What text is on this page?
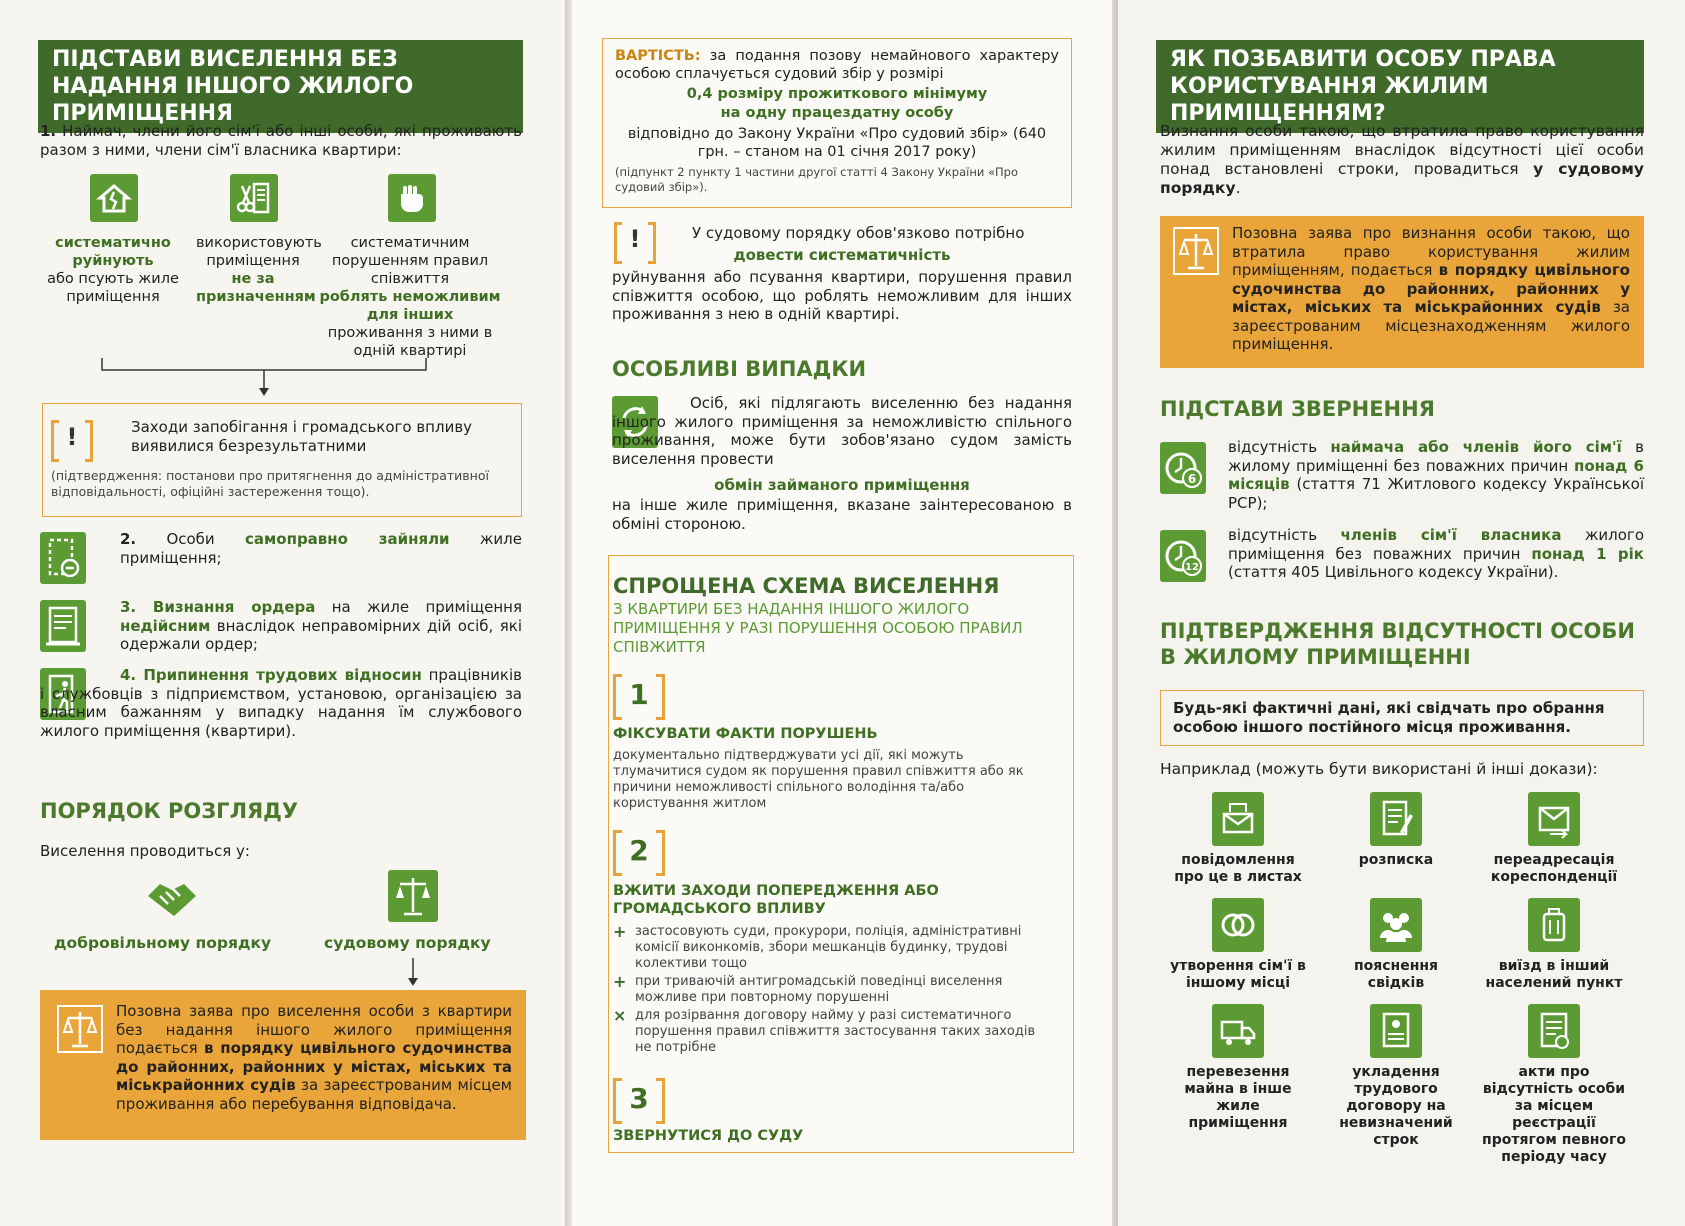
ПІДСТАВИ ВИСЕЛЕННЯ БЕЗ НАДАННЯ ІНШОГО ЖИЛОГО ПРИМІЩЕННЯ
1. Наймач, члени його сім'ї або інші особи, які проживають разом з ними, члени сім'ї власника квартири:
систематично руйнують
або псують жиле приміщення
використовують приміщення
не за призначенням
систематичним порушенням правил співжиття
роблять неможливим для інших
проживання з ними в одній квартирі
!	Заходи запобігання і громадського впливу виявилися безрезультатними
(підтвердження: постанови про притягнення до адміністративної відповідальності, офіційні застереження тощо).
2. Особи самоправно зайняли жиле приміщення;
3. Визнання ордера на жиле приміщення недійсним внаслідок неправомірних дій осіб, які одержали ордер;
4. Припинення трудових відносин працівників і службовців з підприємством, установою, організацією за власним бажанням у випадку надання їм службового жилого приміщення (квартири).
ПОРЯДОК РОЗГЛЯДУ
Виселення проводиться у:
добровільному порядку	судовому порядку
Позовна заява про виселення особи з квартири без надання іншого жилого приміщення подається в порядку цивільного судочинства до районних, районних у містах, міських та міськрайонних судів за зареєстрованим місцем проживання або перебування відповідача.
ВАРТІСТЬ: за подання позову немайнового характеру особою сплачується судовий збір у розмірі
0,4 розміру прожиткового мінімуму
на одну працездатну особу
відповідно до Закону України «Про судовий збір» (640 грн. – станом на 01 січня 2017 року)
(підпункт 2 пункту 1 частини другої статті 4 Закону України «Про судовий збір»).
!	У судовому порядку обов'язково потрібно
довести систематичність
руйнування або псування квартири, порушення правил співжиття особою, що роблять неможливим для інших проживання з нею в одній квартирі.
ОСОБЛИВІ ВИПАДКИ
Осіб, які підлягають виселенню без надання іншого жилого приміщення за неможливістю спільного проживання, може бути зобов'язано судом замість виселення провести
обмін займаного приміщення
на інше жиле приміщення, вказане заінтересованою в обміні стороною.
СПРОЩЕНА СХЕМА ВИСЕЛЕННЯ
З КВАРТИРИ БЕЗ НАДАННЯ ІНШОГО ЖИЛОГО ПРИМІЩЕННЯ У РАЗІ ПОРУШЕННЯ ОСОБОЮ ПРАВИЛ СПІВЖИТТЯ
1
ФІКСУВАТИ ФАКТИ ПОРУШЕНЬ
документально підтверджувати усі дії, які можуть тлумачитися судом як порушення правил співжиття або як причини неможливості спільного володіння та/або користування житлом
2
ВЖИТИ ЗАХОДИ ПОПЕРЕДЖЕННЯ АБО ГРОМАДСЬКОГО ВПЛИВУ
+ застосовують суди, прокурори, поліція, адміністративні комісії виконкомів, збори мешканців будинку, трудові колективи тощо
+ при триваючій антигромадській поведінці виселення можливе при повторному порушенні
× для розірвання договору найму у разі систематичного порушення правил співжиття застосування таких заходів не потрібне
3
ЗВЕРНУТИСЯ ДО СУДУ
ЯК ПОЗБАВИТИ ОСОБУ ПРАВА КОРИСТУВАННЯ ЖИЛИМ ПРИМІЩЕННЯМ?
Визнання особи такою, що втратила право користування жилим приміщенням внаслідок відсутності цієї особи понад встановлені строки, провадиться у судовому порядку.
Позовна заява про визнання особи такою, що втратила право користування жилим приміщенням, подається в порядку цивільного судочинства до районних, районних у містах, міських та міськрайонних судів за зареєстрованим місцезнаходженням жилого приміщення.
ПІДСТАВИ ЗВЕРНЕННЯ
6
відсутність наймача або членів його сім'ї в жилому приміщенні без поважних причин понад 6 місяців (стаття 71 Житлового кодексу Української РСР);
12
відсутність членів сім'ї власника жилого приміщення без поважних причин понад 1 рік (стаття 405 Цивільного кодексу України).
ПІДТВЕРДЖЕННЯ ВІДСУТНОСТІ ОСОБИ В ЖИЛОМУ ПРИМІЩЕННІ
Будь-які фактичні дані, які свідчать про обрання особою іншого постійного місця проживання.
Наприклад (можуть бути використані й інші докази):
повідомлення про це в листах
розписка	переадресація кореспонденції
утворення сім'ї в іншому місці
пояснення свідків
виїзд в інший населений пункт
перевезення майна в інше жиле приміщення
укладення трудового договору на невизначений строк
акти про відсутність особи за місцем реєстрації протягом певного періоду часу
